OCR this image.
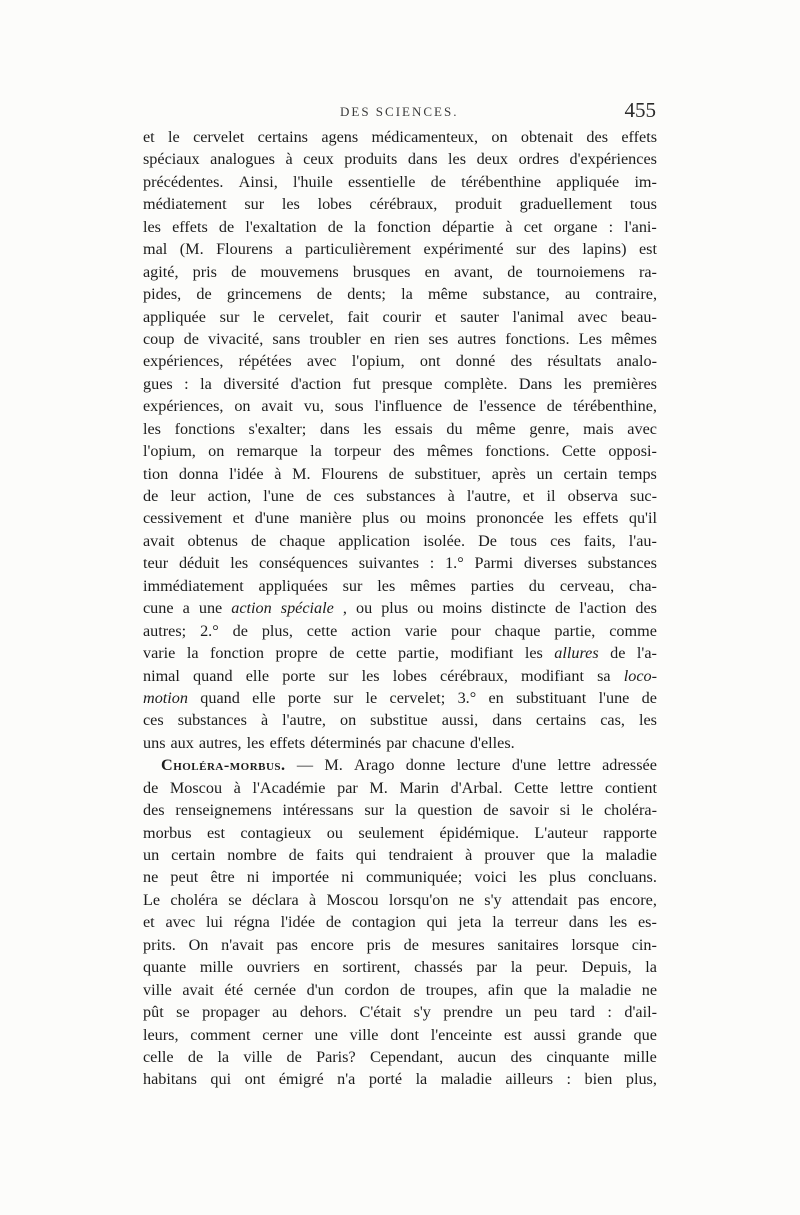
DES SCIENCES.	455
et le cervelet certains agens médicamenteux, on obtenait des effets
spéciaux analogues à ceux produits dans les deux ordres d'expériences
précédentes. Ainsi, l'huile essentielle de térébenthine appliquée im-
médiatement sur les lobes cérébraux, produit graduellement tous
les effets de l'exaltation de la fonction départie à cet organe : l'ani-
mal (M. Flourens a particulièrement expérimenté sur des lapins) est
agité, pris de mouvemens brusques en avant, de tournoiemens ra-
pides, de grincemens de dents; la même substance, au contraire,
appliquée sur le cervelet, fait courir et sauter l'animal avec beau-
coup de vivacité, sans troubler en rien ses autres fonctions. Les mêmes
expériences, répétées avec l'opium, ont donné des résultats analo-
gues : la diversité d'action fut presque complète. Dans les premières
expériences, on avait vu, sous l'influence de l'essence de térébenthine,
les fonctions s'exalter; dans les essais du même genre, mais avec
l'opium, on remarque la torpeur des mêmes fonctions. Cette opposi-
tion donna l'idée à M. Flourens de substituer, après un certain temps
de leur action, l'une de ces substances à l'autre, et il observa suc-
cessivement et d'une manière plus ou moins prononcée les effets qu'il
avait obtenus de chaque application isolée. De tous ces faits, l'au-
teur déduit les conséquences suivantes : 1.° Parmi diverses substances
immédiatement appliquées sur les mêmes parties du cerveau, cha-
cune a une action spéciale , ou plus ou moins distincte de l'action des
autres; 2.° de plus, cette action varie pour chaque partie, comme
varie la fonction propre de cette partie, modifiant les allures de l'a-
nimal quand elle porte sur les lobes cérébraux, modifiant sa loco-
motion quand elle porte sur le cervelet; 3.° en substituant l'une de
ces substances à l'autre, on substitue aussi, dans certains cas, les
uns aux autres, les effets déterminés par chacune d'elles.
Choléra-morbus. — M. Arago donne lecture d'une lettre adressée
de Moscou à l'Académie par M. Marin d'Arbal. Cette lettre contient
des renseignemens intéressans sur la question de savoir si le choléra-
morbus est contagieux ou seulement épidémique. L'auteur rapporte
un certain nombre de faits qui tendraient à prouver que la maladie
ne peut être ni importée ni communiquée; voici les plus concluans.
Le choléra se déclara à Moscou lorsqu'on ne s'y attendait pas encore,
et avec lui régna l'idée de contagion qui jeta la terreur dans les es-
prits. On n'avait pas encore pris de mesures sanitaires lorsque cin-
quante mille ouvriers en sortirent, chassés par la peur. Depuis, la
ville avait été cernée d'un cordon de troupes, afin que la maladie ne
pût se propager au dehors. C'était s'y prendre un peu tard : d'ail-
leurs, comment cerner une ville dont l'enceinte est aussi grande que
celle de la ville de Paris? Cependant, aucun des cinquante mille
habitans qui ont émigré n'a porté la maladie ailleurs : bien plus,
